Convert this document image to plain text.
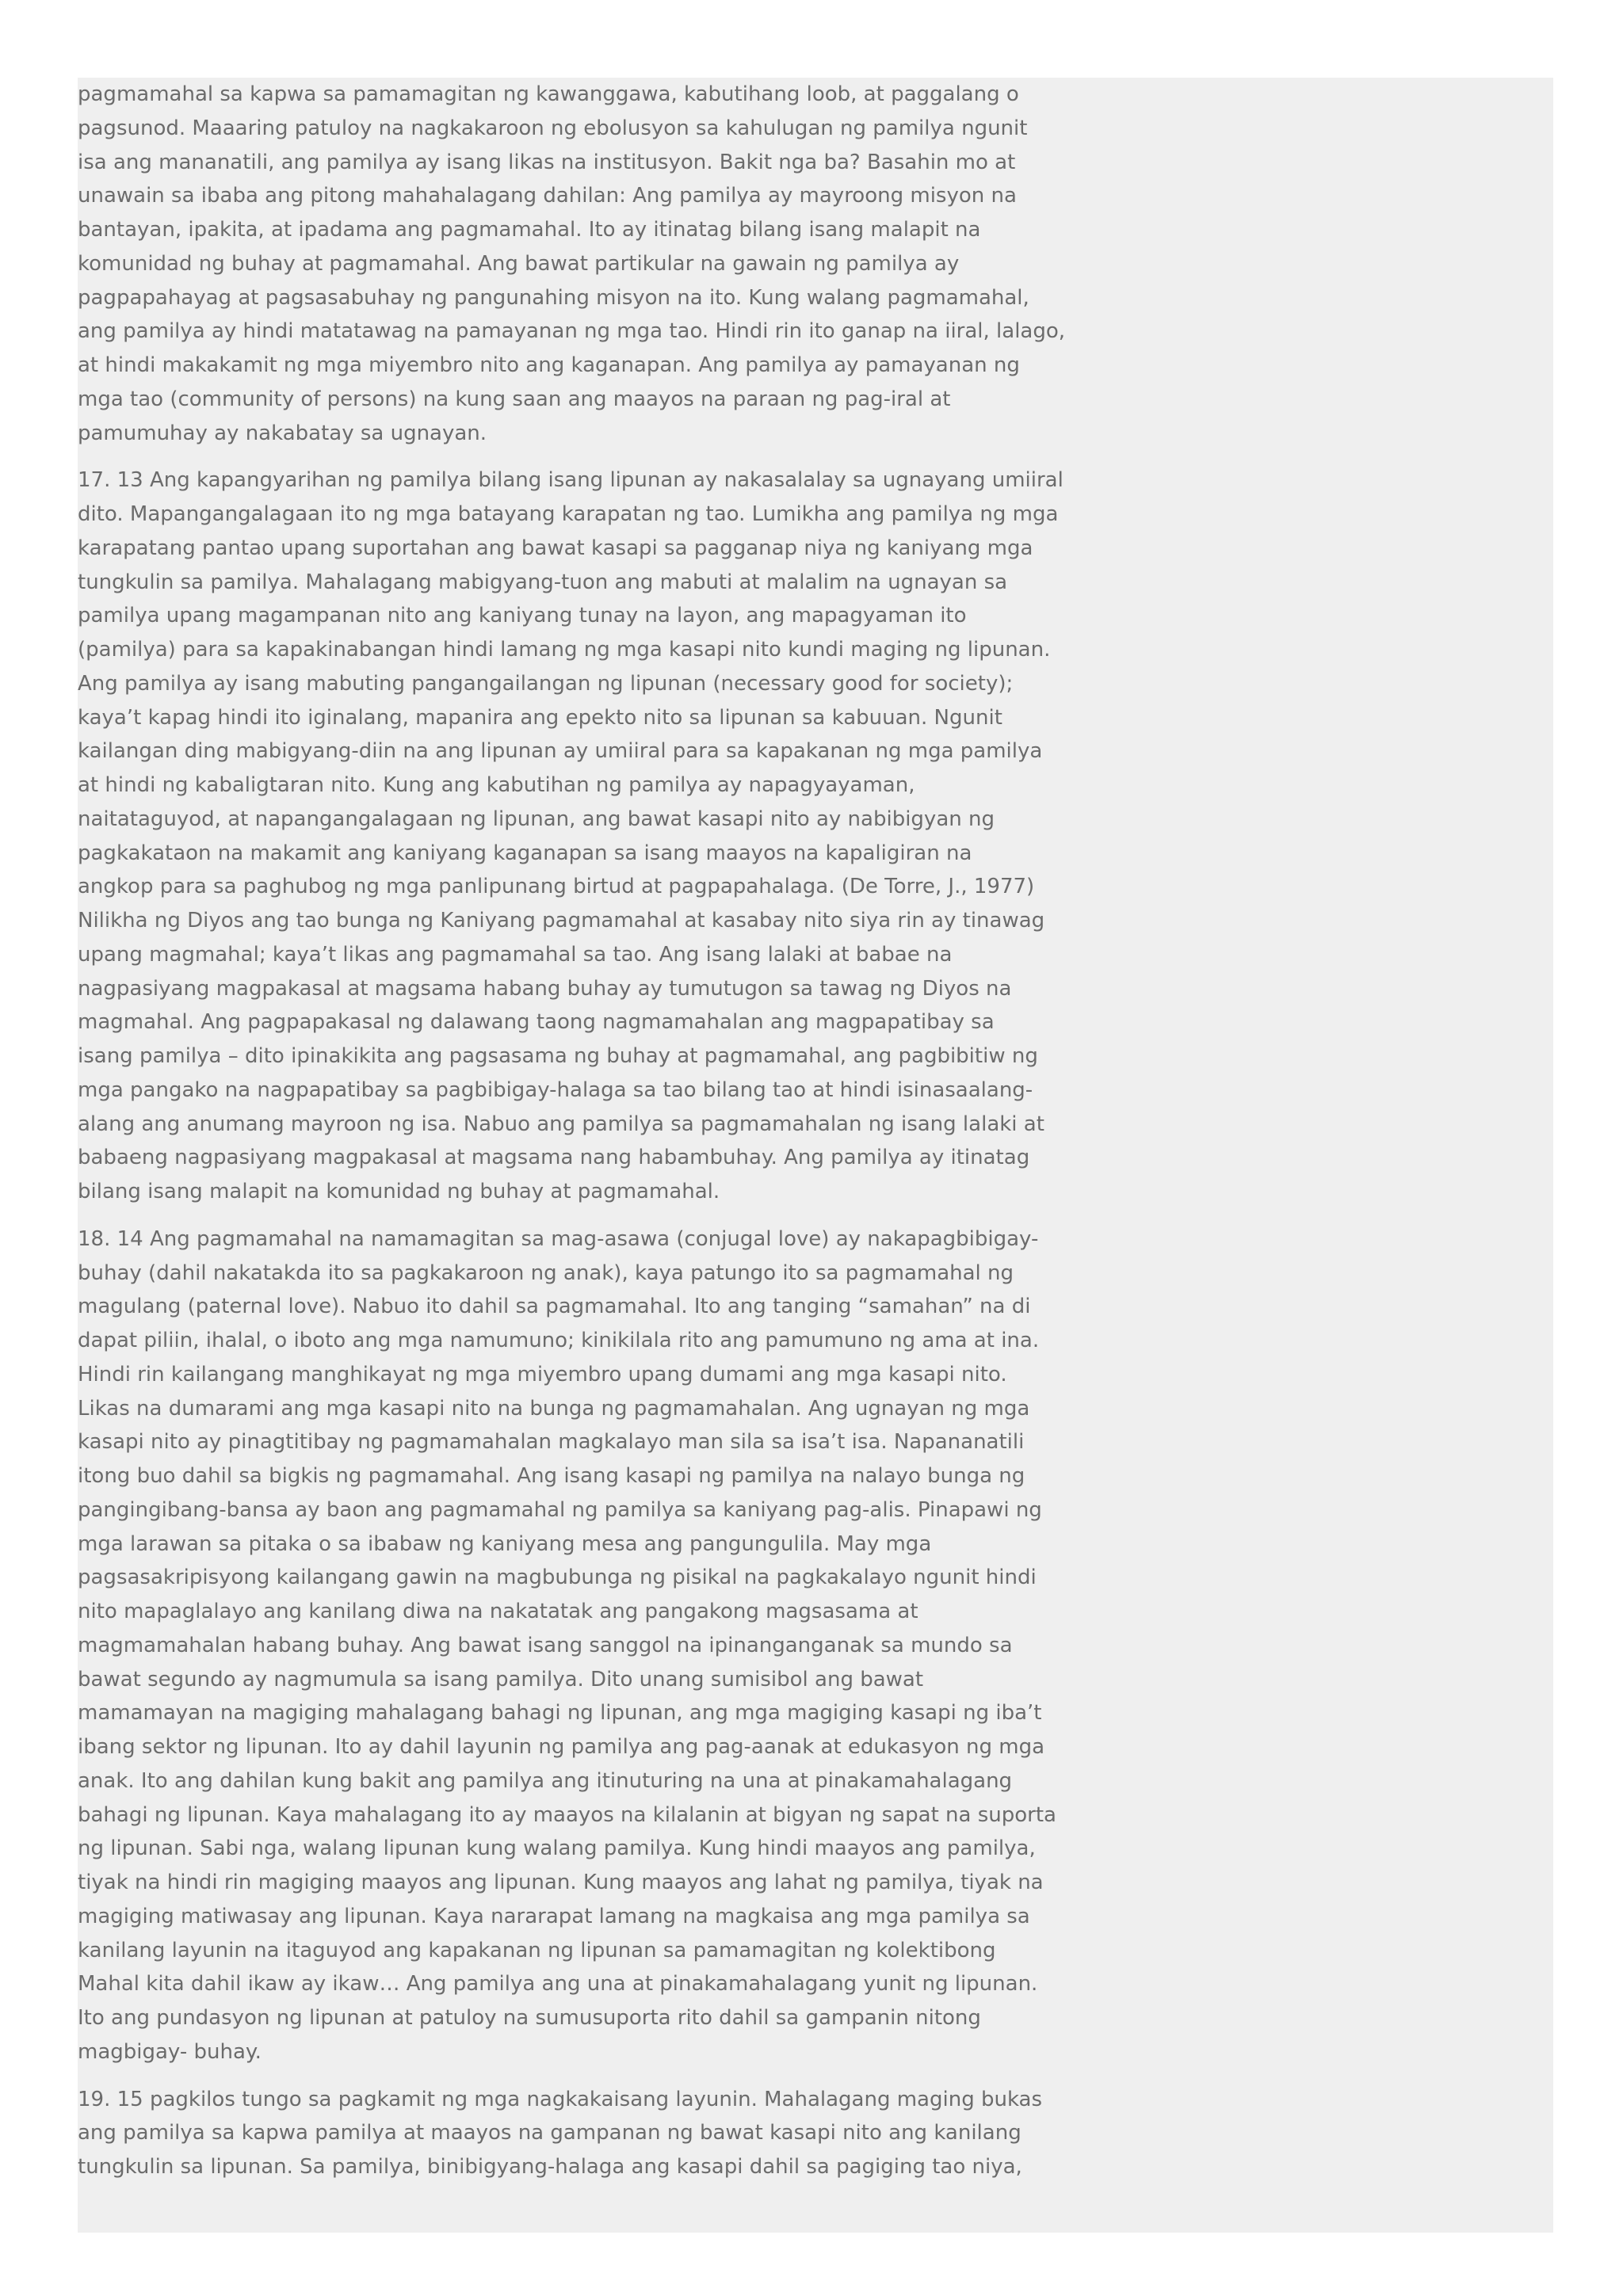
pagmamahal sa kapwa sa pamamagitan ng kawanggawa, kabutihang loob, at paggalang o
pagsunod. Maaaring patuloy na nagkakaroon ng ebolusyon sa kahulugan ng pamilya ngunit
isa ang mananatili, ang pamilya ay isang likas na institusyon. Bakit nga ba? Basahin mo at
unawain sa ibaba ang pitong mahahalagang dahilan: Ang pamilya ay mayroong misyon na
bantayan, ipakita, at ipadama ang pagmamahal. Ito ay itinatag bilang isang malapit na
komunidad ng buhay at pagmamahal. Ang bawat partikular na gawain ng pamilya ay
pagpapahayag at pagsasabuhay ng pangunahing misyon na ito. Kung walang pagmamahal,
ang pamilya ay hindi matatawag na pamayanan ng mga tao. Hindi rin ito ganap na iiral, lalago,
at hindi makakamit ng mga miyembro nito ang kaganapan. Ang pamilya ay pamayanan ng
mga tao (community of persons) na kung saan ang maayos na paraan ng pag-iral at
pamumuhay ay nakabatay sa ugnayan.

17. 13 Ang kapangyarihan ng pamilya bilang isang lipunan ay nakasalalay sa ugnayang umiiral
dito. Mapangangalagaan ito ng mga batayang karapatan ng tao. Lumikha ang pamilya ng mga
karapatang pantao upang suportahan ang bawat kasapi sa pagganap niya ng kaniyang mga
tungkulin sa pamilya. Mahalagang mabigyang-tuon ang mabuti at malalim na ugnayan sa
pamilya upang magampanan nito ang kaniyang tunay na layon, ang mapagyaman ito
(pamilya) para sa kapakinabangan hindi lamang ng mga kasapi nito kundi maging ng lipunan.
Ang pamilya ay isang mabuting pangangailangan ng lipunan (necessary good for society);
kaya’t kapag hindi ito iginalang, mapanira ang epekto nito sa lipunan sa kabuuan. Ngunit
kailangan ding mabigyang-diin na ang lipunan ay umiiral para sa kapakanan ng mga pamilya
at hindi ng kabaligtaran nito. Kung ang kabutihan ng pamilya ay napagyayaman,
naitataguyod, at napangangalagaan ng lipunan, ang bawat kasapi nito ay nabibigyan ng
pagkakataon na makamit ang kaniyang kaganapan sa isang maayos na kapaligiran na
angkop para sa paghubog ng mga panlipunang birtud at pagpapahalaga. (De Torre, J., 1977)
Nilikha ng Diyos ang tao bunga ng Kaniyang pagmamahal at kasabay nito siya rin ay tinawag
upang magmahal; kaya’t likas ang pagmamahal sa tao. Ang isang lalaki at babae na
nagpasiyang magpakasal at magsama habang buhay ay tumutugon sa tawag ng Diyos na
magmahal. Ang pagpapakasal ng dalawang taong nagmamahalan ang magpapatibay sa
isang pamilya – dito ipinakikita ang pagsasama ng buhay at pagmamahal, ang pagbibitiw ng
mga pangako na nagpapatibay sa pagbibigay-halaga sa tao bilang tao at hindi isinasaalang-
alang ang anumang mayroon ng isa. Nabuo ang pamilya sa pagmamahalan ng isang lalaki at
babaeng nagpasiyang magpakasal at magsama nang habambuhay. Ang pamilya ay itinatag
bilang isang malapit na komunidad ng buhay at pagmamahal.

18. 14 Ang pagmamahal na namamagitan sa mag-asawa (conjugal love) ay nakapagbibigay-
buhay (dahil nakatakda ito sa pagkakaroon ng anak), kaya patungo ito sa pagmamahal ng
magulang (paternal love). Nabuo ito dahil sa pagmamahal. Ito ang tanging “samahan” na di
dapat piliin, ihalal, o iboto ang mga namumuno; kinikilala rito ang pamumuno ng ama at ina.
Hindi rin kailangang manghikayat ng mga miyembro upang dumami ang mga kasapi nito.
Likas na dumarami ang mga kasapi nito na bunga ng pagmamahalan. Ang ugnayan ng mga
kasapi nito ay pinagtitibay ng pagmamahalan magkalayo man sila sa isa’t isa. Napananatili
itong buo dahil sa bigkis ng pagmamahal. Ang isang kasapi ng pamilya na nalayo bunga ng
pangingibang-bansa ay baon ang pagmamahal ng pamilya sa kaniyang pag-alis. Pinapawi ng
mga larawan sa pitaka o sa ibabaw ng kaniyang mesa ang pangungulila. May mga
pagsasakripisyong kailangang gawin na magbubunga ng pisikal na pagkakalayo ngunit hindi
nito mapaglalayo ang kanilang diwa na nakatatak ang pangakong magsasama at
magmamahalan habang buhay. Ang bawat isang sanggol na ipinanganganak sa mundo sa
bawat segundo ay nagmumula sa isang pamilya. Dito unang sumisibol ang bawat
mamamayan na magiging mahalagang bahagi ng lipunan, ang mga magiging kasapi ng iba’t
ibang sektor ng lipunan. Ito ay dahil layunin ng pamilya ang pag-aanak at edukasyon ng mga
anak. Ito ang dahilan kung bakit ang pamilya ang itinuturing na una at pinakamahalagang
bahagi ng lipunan. Kaya mahalagang ito ay maayos na kilalanin at bigyan ng sapat na suporta
ng lipunan. Sabi nga, walang lipunan kung walang pamilya. Kung hindi maayos ang pamilya,
tiyak na hindi rin magiging maayos ang lipunan. Kung maayos ang lahat ng pamilya, tiyak na
magiging matiwasay ang lipunan. Kaya nararapat lamang na magkaisa ang mga pamilya sa
kanilang layunin na itaguyod ang kapakanan ng lipunan sa pamamagitan ng kolektibong
Mahal kita dahil ikaw ay ikaw… Ang pamilya ang una at pinakamahalagang yunit ng lipunan.
Ito ang pundasyon ng lipunan at patuloy na sumusuporta rito dahil sa gampanin nitong
magbigay- buhay.

19. 15 pagkilos tungo sa pagkamit ng mga nagkakaisang layunin. Mahalagang maging bukas
ang pamilya sa kapwa pamilya at maayos na gampanan ng bawat kasapi nito ang kanilang
tungkulin sa lipunan. Sa pamilya, binibigyang-halaga ang kasapi dahil sa pagiging tao niya,
